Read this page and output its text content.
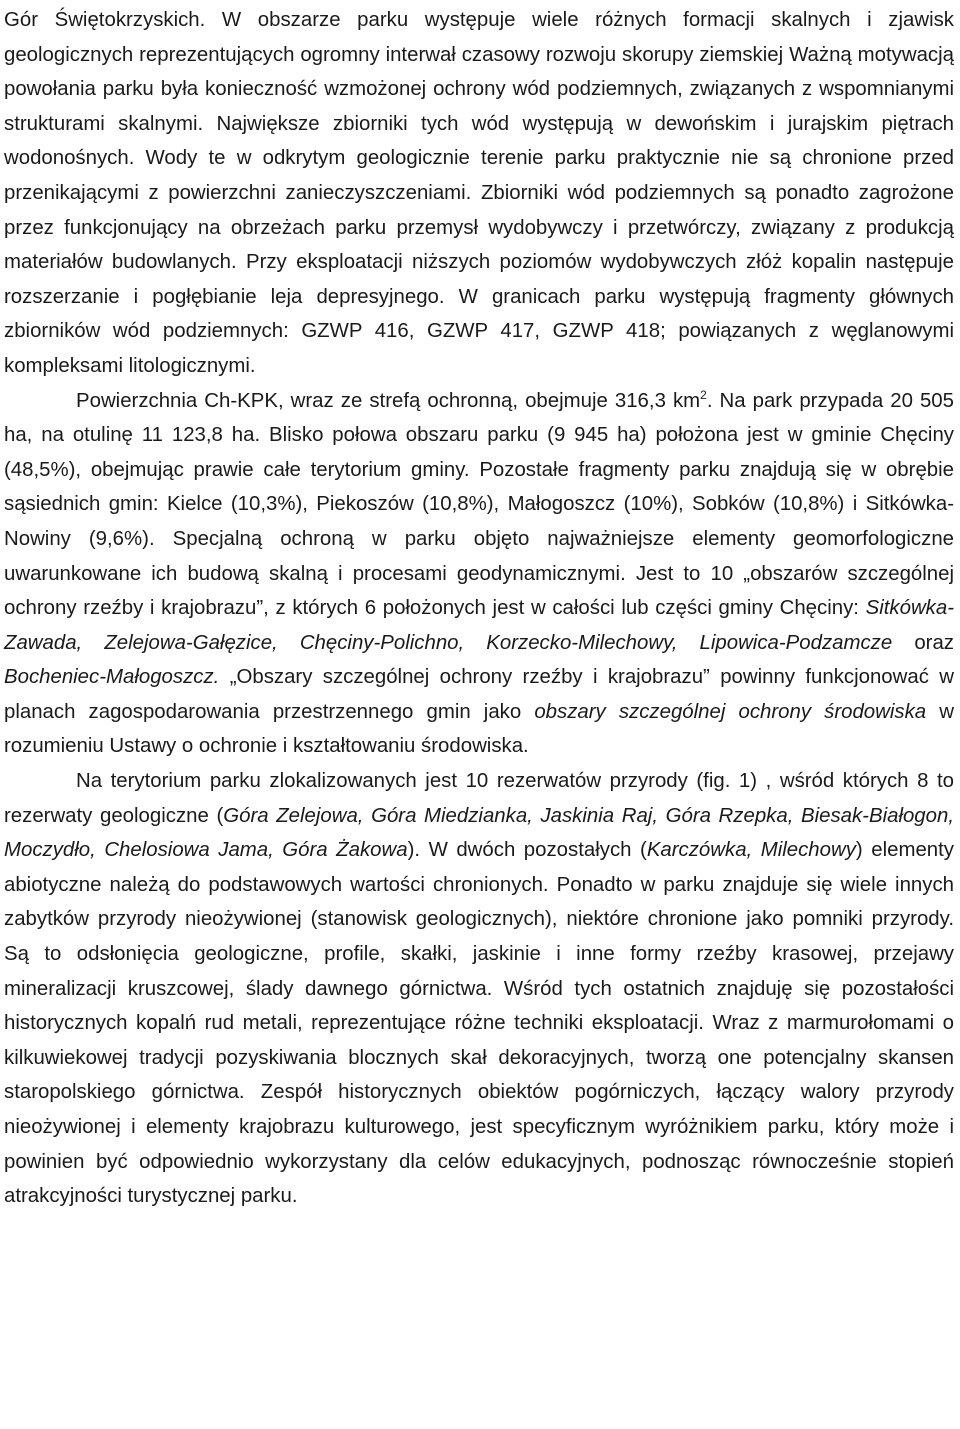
Gór Świętokrzyskich. W obszarze parku występuje wiele różnych formacji skalnych i zjawisk geologicznych reprezentujących ogromny interwał czasowy rozwoju skorupy ziemskiej Ważną motywacją powołania parku była konieczność wzmożonej ochrony wód podziemnych, związanych z wspomnianymi strukturami skalnymi. Największe zbiorniki tych wód występują w dewońskim i jurajskim piętrach wodonośnych. Wody te w odkrytym geologicznie terenie parku praktycznie nie są chronione przed przenikającymi z powierzchni zanieczyszczeniami. Zbiorniki wód podziemnych są ponadto zagrożone przez funkcjonujący na obrzeżach parku przemysł wydobywczy i przetwórczy, związany z produkcją materiałów budowlanych. Przy eksploatacji niższych poziomów wydobywczych złóż kopalin następuje rozszerzanie i pogłębianie leja depresyjnego. W granicach parku występują fragmenty głównych zbiorników wód podziemnych: GZWP 416, GZWP 417, GZWP 418; powiązanych z węglanowymi kompleksami litologicznymi.

Powierzchnia Ch-KPK, wraz ze strefą ochronną, obejmuje 316,3 $km^2$. Na park przypada 20 505 ha, na otulinę 11 123,8 ha. Blisko połowa obszaru parku (9 945 ha) położona jest w gminie Chęciny (48,5%), obejmując prawie całe terytorium gminy. Pozostałe fragmenty parku znajdują się w obrębie sąsiednich gmin: Kielce (10,3%), Piekoszów (10,8%), Małogoszcz (10%), Sobków (10,8%) i Sitkówka-Nowiny (9,6%). Specjalną ochroną w parku objęto najważniejsze elementy geomorfologiczne uwarunkowane ich budową skalną i procesami geodynamicznymi. Jest to 10 „obszarów szczególnej ochrony rzeźby i krajobrazu”, z których 6 położonych jest w całości lub części gminy Chęciny: Sitkówka-Zawada, Zelejowa-Gałęzice, Chęciny-Polichno, Korzecko-Milechowy, Lipowica-Podzamcze oraz Bocheniec-Małogoszcz. „Obszary szczególnej ochrony rzeźby i krajobrazu” powinny funkcjonować w planach zagospodarowania przestrzennego gmin jako obszary szczególnej ochrony środowiska w rozumieniu Ustawy o ochronie i kształtowaniu środowiska.

Na terytorium parku zlokalizowanych jest 10 rezerwatów przyrody (fig. 1) , wśród których 8 to rezerwaty geologiczne (Góra Zelejowa, Góra Miedzianka, Jaskinia Raj, Góra Rzepka, Biesak-Białogon, Moczydło, Chelosiowa Jama, Góra Żakowa). W dwóch pozostałych (Karczówka, Milechowy) elementy abiotyczne należą do podstawowych wartości chronionych. Ponadto w parku znajduje się wiele innych zabytków przyrody nieożywionej (stanowisk geologicznych), niektóre chronione jako pomniki przyrody. Są to odsłonięcia geologiczne, profile, skałki, jaskinie i inne formy rzeźby krasowej, przejawy mineralizacji kruszcowej, ślady dawnego górnictwa. Wśród tych ostatnich znajduję się pozostałości historycznych kopalń rud metali, reprezentujące różne techniki eksploatacji. Wraz z marmurołomami o kilkuwiekowej tradycji pozyskiwania blocznych skał dekoracyjnych, tworzą one potencjalny skansen staropolskiego górnictwa. Zespół historycznych obiektów pogórniczych, łączący walory przyrody nieożywionej i elementy krajobrazu kulturowego, jest specyficznym wyróżnikiem parku, który może i powinien być odpowiednio wykorzystany dla celów edukacyjnych, podnosząc równocześnie stopień atrakcyjności turystycznej parku.
